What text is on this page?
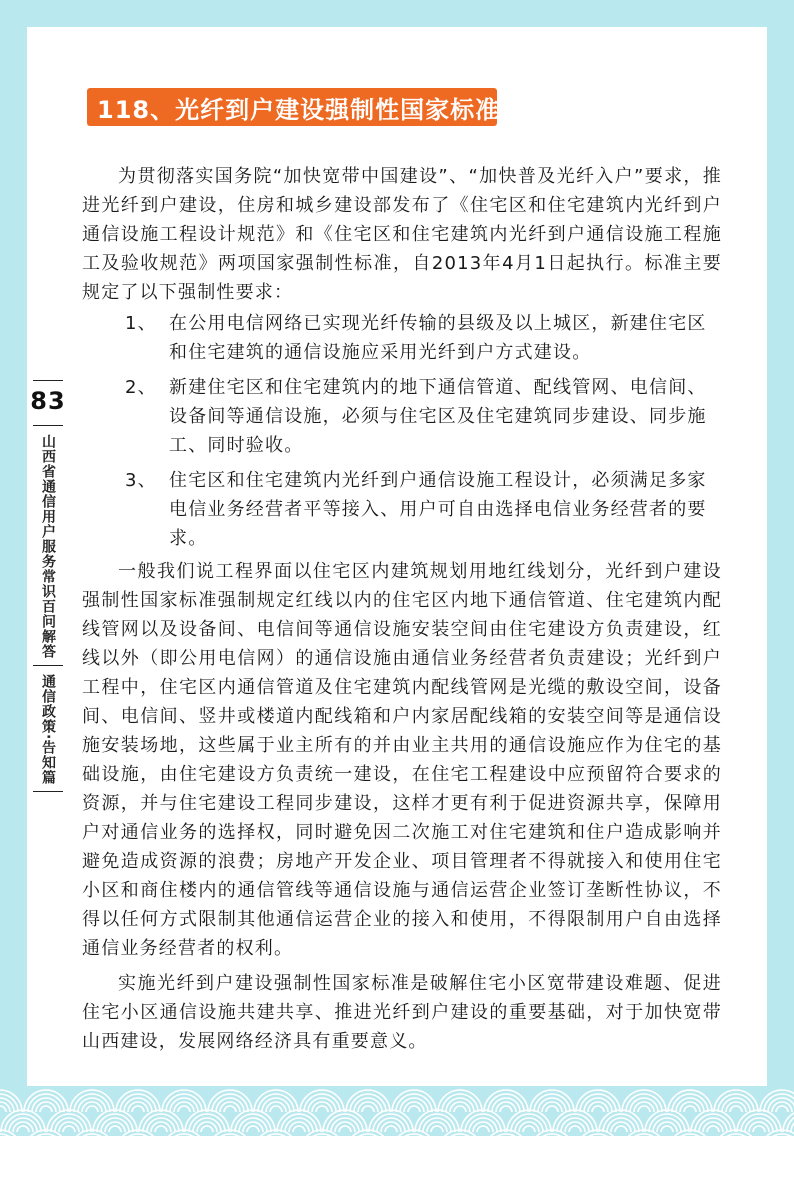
118、光纤到户建设强制性国家标准?
83
山西省通信用户服务常识百问解答
通信政策·告知篇

为贯彻落实国务院“加快宽带中国建设”、“加快普及光纤入户”要求，推进光纤到户建设，住房和城乡建设部发布了《住宅区和住宅建筑内光纤到户通信设施工程设计规范》和《住宅区和住宅建筑内光纤到户通信设施工程施工及验收规范》两项国家强制性标准，自2013年4月1日起执行。标准主要规定了以下强制性要求：

1、 在公用电信网络已实现光纤传输的县级及以上城区，新建住宅区和住宅建筑的通信设施应采用光纤到户方式建设。
2、 新建住宅区和住宅建筑内的地下通信管道、配线管网、电信间、设备间等通信设施，必须与住宅区及住宅建筑同步建设、同步施工、同时验收。
3、 住宅区和住宅建筑内光纤到户通信设施工程设计，必须满足多家电信业务经营者平等接入、用户可自由选择电信业务经营者的要求。

一般我们说工程界面以住宅区内建筑规划用地红线划分，光纤到户建设强制性国家标准强制规定红线以内的住宅区内地下通信管道、住宅建筑内配线管网以及设备间、电信间等通信设施安装空间由住宅建设方负责建设，红线以外（即公用电信网）的通信设施由通信业务经营者负责建设；光纤到户工程中，住宅区内通信管道及住宅建筑内配线管网是光缆的敷设空间，设备间、电信间、竖井或楼道内配线箱和户内家居配线箱的安装空间等是通信设施安装场地，这些属于业主所有的并由业主共用的通信设施应作为住宅的基础设施，由住宅建设方负责统一建设，在住宅工程建设中应预留符合要求的资源，并与住宅建设工程同步建设，这样才更有利于促进资源共享，保障用户对通信业务的选择权，同时避免因二次施工对住宅建筑和住户造成影响并避免造成资源的浪费；房地产开发企业、项目管理者不得就接入和使用住宅小区和商住楼内的通信管线等通信设施与通信运营企业签订垄断性协议，不得以任何方式限制其他通信运营企业的接入和使用，不得限制用户自由选择通信业务经营者的权利。

实施光纤到户建设强制性国家标准是破解住宅小区宽带建设难题、促进住宅小区通信设施共建共享、推进光纤到户建设的重要基础，对于加快宽带山西建设，发展网络经济具有重要意义。
